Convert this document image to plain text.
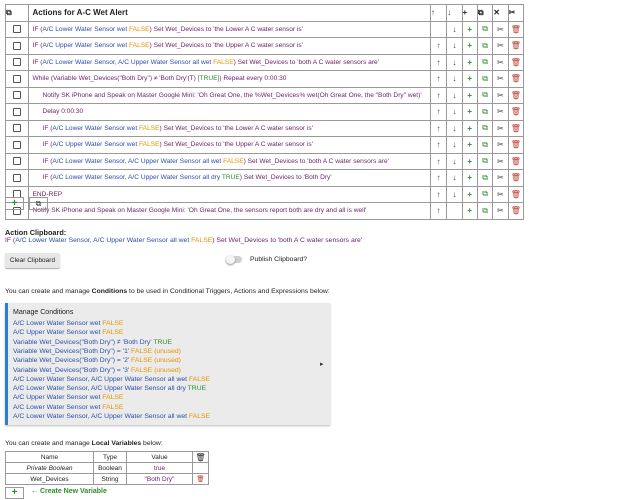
⧉	Actions for A-C Wet Alert	↑	↓	+	⧉	✕	✂
	IF (A/C Lower Water Sensor wet FALSE) Set Wet_Devices to 'the Lower A C water sensor is'		↓	+	⧉	✂	🗑
	IF (A/C Upper Water Sensor wet FALSE) Set Wet_Devices to 'the Upper A C water sensor is'	↑	↓	+	⧉	✂	🗑
	IF (A/C Lower Water Sensor, A/C Upper Water Sensor all wet FALSE) Set Wet_Devices to 'both A C water sensors are'	↑	↓	+	⧉	✂	🗑
	While (Variable Wet_Devices("Both Dry") ≠ 'Both Dry'(T) [TRUE]) Repeat every 0:00:30	↑	↓	+	⧉	✂	🗑
	Notify SK iPhone and Speak on Master Google Mini: 'Oh Great One, the %Wet_Devices% wet(Oh Great One, the "Both Dry" wet)'	↑	↓	+	⧉	✂	🗑
	Delay 0:00:30	↑	↓	+	⧉	✂	🗑
	IF (A/C Lower Water Sensor wet FALSE) Set Wet_Devices to 'the Lower A C water sensor is'	↑	↓	+	⧉	✂	🗑
	IF (A/C Upper Water Sensor wet FALSE) Set Wet_Devices to 'the Upper A C water sensor is'	↑	↓	+	⧉	✂	🗑
	IF (A/C Lower Water Sensor, A/C Upper Water Sensor all wet FALSE) Set Wet_Devices to 'both A C water sensors are'	↑	↓	+	⧉	✂	🗑
	IF (A/C Lower Water Sensor, A/C Upper Water Sensor all dry TRUE) Set Wet_Devices to 'Both Dry'	↑	↓	+	⧉	✂	🗑
	END-REP	↑	↓	+	⧉	✂	🗑
	Notify SK iPhone and Speak on Master Google Mini: 'Oh Great One, the sensors report both are dry and all is well'	↑		+	⧉	✂	🗑
+	⧉
Action Clipboard:
IF (A/C Lower Water Sensor, A/C Upper Water Sensor all wet FALSE) Set Wet_Devices to 'both A C water sensors are'
Clear Clipboard	Publish Clipboard?
You can create and manage Conditions to be used in Conditional Triggers, Actions and Expressions below:
Manage Conditions
A/C Lower Water Sensor wet FALSE
A/C Upper Water Sensor wet FALSE
Variable Wet_Devices("Both Dry") ≠ 'Both Dry' TRUE
Variable Wet_Devices("Both Dry") = '1' FALSE (unused)
Variable Wet_Devices("Both Dry") = '2' FALSE (unused)
Variable Wet_Devices("Both Dry") = '3' FALSE (unused)
A/C Lower Water Sensor, A/C Upper Water Sensor all wet FALSE
A/C Lower Water Sensor, A/C Upper Water Sensor all dry TRUE
A/C Upper Water Sensor wet FALSE
A/C Lower Water Sensor wet FALSE
A/C Lower Water Sensor, A/C Upper Water Sensor all wet FALSE
▸
You can create and manage Local Variables below:
Name	Type	Value	🗑
Private Boolean	Boolean	true	
Wet_Devices	String	"Both Dry"	🗑
+	← Create New Variable
